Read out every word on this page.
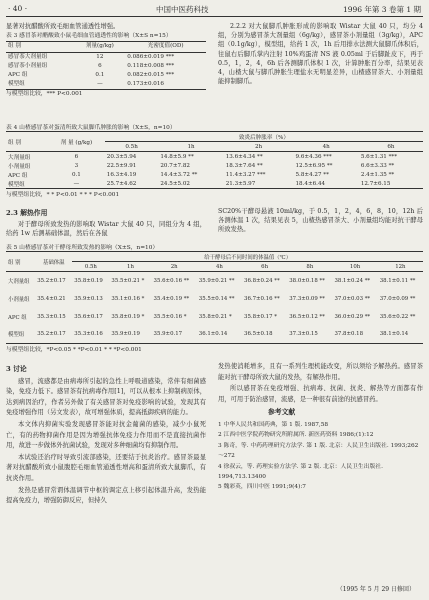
· 40 ·	中国中医药科技	1996 年第 3 卷第 1 期

显著对抗醋酸所致毛细血管通透性增强。

表 3 感冒茶对醋酸致小鼠毛细血管通透性的影响（X±S n=15）
组 别	剂量(g/kg)	光密度值(OD)
感冒茶大剂量组	12	0.086±0.019 ***
感冒茶小剂量组	6	0.118±0.008 ***
APC 组	0.1	0.082±0.015 ***
模型组	—	0.173±0.016
与模型组比较，*** P<0.001

2.2.2 对大鼠脚爪肿胀形成的影响取 Wistar 大鼠 40 只，均分 4 组，分别为感冒茶大剂量组（6g/kg），感冒茶小剂量组（3g/kg），APC 组（0.1g/kg），模型组，给药 1 次，1h 后用排水法测大鼠脚爪体积后，往鼠右后脚爪掌内注射 10%鸡蛋清 NS 液 0.05ml 于后脚趾皮下，再于 0.5，1，2，4，6h 后各测脚爪体积 1 次，计算肿胀百分率，结果见表 4，山楂大鼠与脚爪肿胀生理盐水无明显差异，山楂感冒茶大、小剂量组能抑制脚爪。

表 4 山楂感冒茶对蛋清所致大鼠脚爪肿胀的影响（X±S，n=10）
组 别	剂 量 (g/kg)	致炎后肿胀率（%）				
		0.5h	1h	2h	4h	6h
大剂量组	6	20.3±5.94	14.8±5.9 **	13.6±4.34 **	9.6±4.36 ***	5.6±1.31 ***
小剂量组	3	22.5±9.91	20.7±7.82	18.3±7.64 **	12.5±6.95 **	6.6±3.33 **
APC 组	0.1	16.3±4.19	14.4±3.72 **	11.4±3.27 ***	5.8±4.27 **	2.4±1.35 **
模型组	—	25.7±4.62	24.5±5.02	21.3±5.97	18.4±6.44	12.7±6.15
与模型组比较，* * P<0.01 * * * P<0.001

2.3 解热作用

对于酵母所致发热的影响取 Wistar 大鼠 40 只，同组分为 4 组，给药 1w 后测基础体温，然后在各鼠

SC20%干酵母悬液 10ml/kg，于 0.5，1，2，4，6，8，10，12h 后各测体温 1 次，结果见表 5，山楂热感冒茶大、小剂量组均能对抗干酵母所致发热。

表 5 山楂感冒茶对干酵母所致发热的影响（X±S，n=10）
组 别	基础体温	给干酵母后不同时间的体温值（℃）							
		0.5h	1h	2h	4h	6h	8h	10h	12h
大剂量组	35.2±0.17	35.8±0.19	35.5±0.21 *	35.6±0.16 **	35.9±0.21 **	36.8±0.24 **	38.0±0.18 **	38.1±0.24 **	38.1±0.11 **
小剂量组	35.4±0.21	35.9±0.13	35.1±0.16 *	35.4±0.19 **	35.5±0.14 **	36.7±0.16 **	37.3±0.09 **	37.0±0.03 **	37.0±0.09 **
APC 组	35.3±0.15	35.6±0.17	35.8±0.19 *	35.5±0.16 *	35.8±0.21 *	35.8±0.17 *	36.5±0.12 **	36.0±0.29 **	35.6±0.22 **
模型组	35.2±0.17	35.3±0.16	35.9±0.19	35.9±0.17	36.1±0.14	36.5±0.18	37.3±0.15	37.8±0.18	38.1±0.14
与模型组比较，*P<0.05 * *P<0.01 * * *P<0.001

3 讨论

感冒，流感都是由病毒所引起的急性上呼吸道感染，常伴有细菌感染，免疫力低下。感冒茶有抗病毒作用[1]，可以从根本上抑制病原体，达到病因治疗，作者另外做了有关感冒茶对免疫影响的试验，发现其有免疫增强作用（另文发表），故可增强体质，提高抵御疾病的能力。

本文体内抑菌实验发现感冒茶能对抗金葡菌的感染，减少小鼠死亡，有的药物抑菌作用是因为增强抗体免疫力作用而不是直接抗菌作用，故进一步做体外抗菌试验，发现对多种细菌均有抑制作用。

本试验还治疗时导致引流部感染，还要结于抗炎治疗。感冒茶最显著对抗醋酸所致小鼠腹腔毛细血管通透性增高和蛋清所致大鼠脚爪，有抗炎作用。

发热是感冒常谓体温调节中枢的调定点上移引起体温升高，发热能提高免疫力，增强防御反应，但持久

发热使消耗增多，且有一系列生理机能改变，所以须给予解热药。感冒茶能对抗干酵母所致大鼠的发热，有解热作用。

所以感冒茶在免疫增强、抗病毒、抗菌、抗炎、解热等方面都有作用，可用于防治感冒，流感，是一种很有前途的抗感冒药。

参考文献

1 中华人民共和国药典，第 1 版. 1987,58
2 江西中医学院药物研究所附属所. 新医药资料 1986;(1):12
3 陈奇，等. 中药药理研究方法学. 第 1 版. 北京：人民卫生出版社. 1993;262～272
4 徐叔云，等. 药理实验方法学. 第 2 版. 北京：人民卫生出版社. 1994,713.13400
5 魏彩英，四川中医 1991;9(4):7
（1995 年 5 月 29 日修回）
